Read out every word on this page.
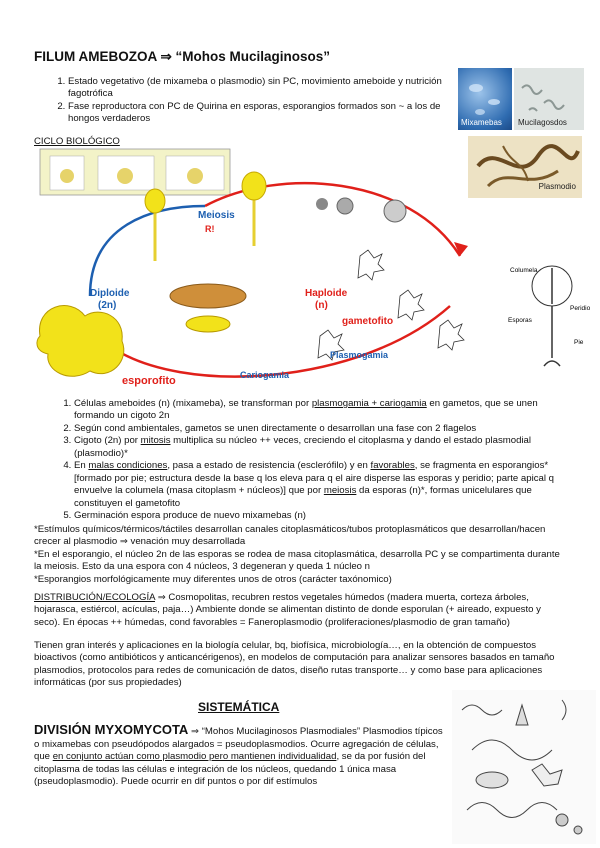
FILUM AMEBOZOA ⇒ “Mohos Mucilaginosos”
1. Estado vegetativo (de mixameba o plasmodio) sin PC, movimiento ameboide y nutrición fagotrófica
2. Fase reproductora con PC de Quirina en esporas, esporangios formados son ~ a los de hongos verdaderos	Mixamebas Mucilagosdos
Plasmodio
CICLO BIOLÓGICO
Meiosis
R!
Haploide
(n)
Diploide
(2n)
gametofito
Plasmogamia
Cariogamia
esporofito
Columela
Esporas
Peridio
Pie
1. Células ameboides (n) (mixameba), se transforman por plasmogamia + cariogamia en gametos, que se unen formando un cigoto 2n
2. Según cond ambientales, gametos se unen directamente o desarrollan una fase con 2 flagelos
3. Cigoto (2n) por mitosis multiplica su núcleo ++ veces, creciendo el citoplasma y dando el estado plasmodial (plasmodio)*
4. En malas condiciones, pasa a estado de resistencia (esclerófilo) y en favorables, se fragmenta en esporangios* [formado por pie; estructura desde la base q los eleva para q el aire disperse las esporas y peridio; parte apical q envuelve la columela (masa citoplasm + núcleos)] que por meiosis da esporas (n)*, formas unicelulares que constituyen el gametofito
5. Germinación espora produce de nuevo mixamebas (n)

*Estímulos químicos/térmicos/táctiles desarrollan canales citoplasmáticos/tubos protoplasmáticos que desarrollan/hacen crecer al plasmodio ⇒ venación muy desarrollada

*En el esporangio, el núcleo 2n de las esporas se rodea de masa citoplasmática, desarrolla PC y se compartimenta durante la meiosis. Esto da una espora con 4 núcleos, 3 degeneran y queda 1 núcleo n

*Esporangios morfológicamente muy diferentes unos de otros (carácter taxónomico)

DISTRIBUCIÓN/ECOLOGÍA ⇒ Cosmopolitas, recubren restos vegetales húmedos (madera muerta, corteza árboles, hojarasca, estiércol, acículas, paja…) Ambiente donde se alimentan distinto de donde esporulan (+ aireado, expuesto y seco). En épocas ++ húmedas, cond favorables = Faneroplasmodio (proliferaciones/plasmodio de gran tamaño)

Tienen gran interés y aplicaciones en la biología celular, bq, biofísica, microbiología…, en la obtención de compuestos bioactivos (como antibióticos y anticancérigenos), en modelos de computación para analizar sensores basados en tamaño plasmodios, protocolos para redes de comunicación de datos, diseño rutas transporte… y como base para aplicaciones informáticas (por sus propiedades)

SISTEMÁTICA

DIVISIÓN MYXOMYCOTA ⇒ “Mohos Mucilaginosos Plasmodiales” Plasmodios típicos o mixamebas con pseudópodos alargados = pseudoplasmodios. Ocurre agregación de células, que en conjunto actúan como plasmodio pero mantienen individualidad, se da por fusión del citoplasma de todas las células e integración de los núcleos, quedando 1 única masa (pseudoplasmodio). Puede ocurrir en dif puntos o por dif estímulos
